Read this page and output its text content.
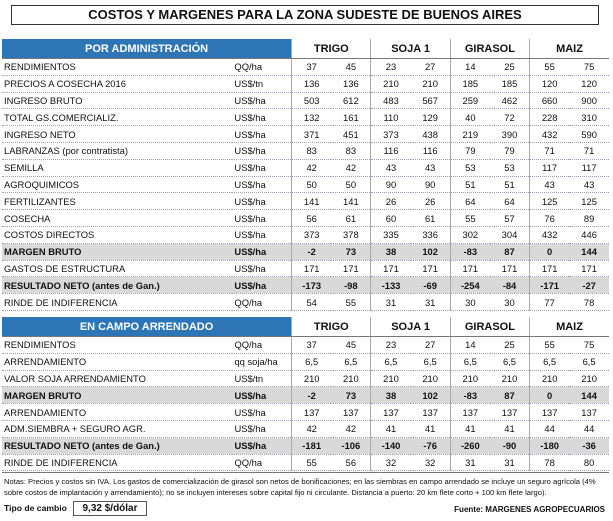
COSTOS Y MARGENES PARA LA ZONA SUDESTE DE BUENOS AIRES
POR ADMINISTRACIÓN		TRIGO		SOJA 1		GIRASOL		MAIZ	
RENDIMIENTOS	QQ/ha	37	45	23	27	14	25	55	75
PRECIOS A COSECHA 2016	US$/tn	136	136	210	210	185	185	120	120
INGRESO BRUTO	US$/ha	503	612	483	567	259	462	660	900
TOTAL GS.COMERCIALIZ.	US$/ha	132	161	110	129	40	72	228	310
INGRESO NETO	US$/ha	371	451	373	438	219	390	432	590
LABRANZAS (por contratista)	US$/ha	83	83	116	116	79	79	71	71
SEMILLA	US$/ha	42	42	43	43	53	53	117	117
AGROQUIMICOS	US$/ha	50	50	90	90	51	51	43	43
FERTILIZANTES	US$/ha	141	141	26	26	64	64	125	125
COSECHA	US$/ha	56	61	60	61	55	57	76	89
COSTOS DIRECTOS	US$/ha	373	378	335	336	302	304	432	446
MARGEN BRUTO	US$/ha	-2	73	38	102	-83	87	0	144
GASTOS DE ESTRUCTURA	US$/ha	171	171	171	171	171	171	171	171
RESULTADO NETO (antes de Gan.)	US$/ha	-173	-98	-133	-69	-254	-84	-171	-27
RINDE DE INDIFERENCIA	QQ/ha	54	55	31	31	30	30	77	78
EN CAMPO ARRENDADO		TRIGO		SOJA 1		GIRASOL		MAIZ	
RENDIMIENTOS	QQ/ha	37	45	23	27	14	25	55	75
ARRENDAMIENTO	qq soja/ha	6,5	6,5	6,5	6,5	6,5	6,5	6,5	6,5
VALOR SOJA ARRENDAMIENTO	US$/tn	210	210	210	210	210	210	210	210
MARGEN BRUTO	US$/ha	-2	73	38	102	-83	87	0	144
ARRENDAMIENTO	US$/ha	137	137	137	137	137	137	137	137
ADM.SIEMBRA + SEGURO AGR.	US$/ha	42	42	41	41	41	41	44	44
RESULTADO NETO (antes de Gan.)	US$/ha	-181	-106	-140	-76	-260	-90	-180	-36
RINDE DE INDIFERENCIA	QQ/ha	55	56	32	32	31	31	78	80
Notas: Precios y costos sin IVA. Los gastos de comercialización de girasol son netos de bonificaciones; en las siembras en campo arrendado se incluye un seguro agrícola (4% sobre costos de implantación y arrendamiento); no se incluyen intereses sobre capital fijo ni circulante. Distancia a puerto: 20 km flete corto + 100 km flete largo).
Tipo de cambio	9,32 $/dólar	Fuente: MARGENES AGROPECUARIOS
